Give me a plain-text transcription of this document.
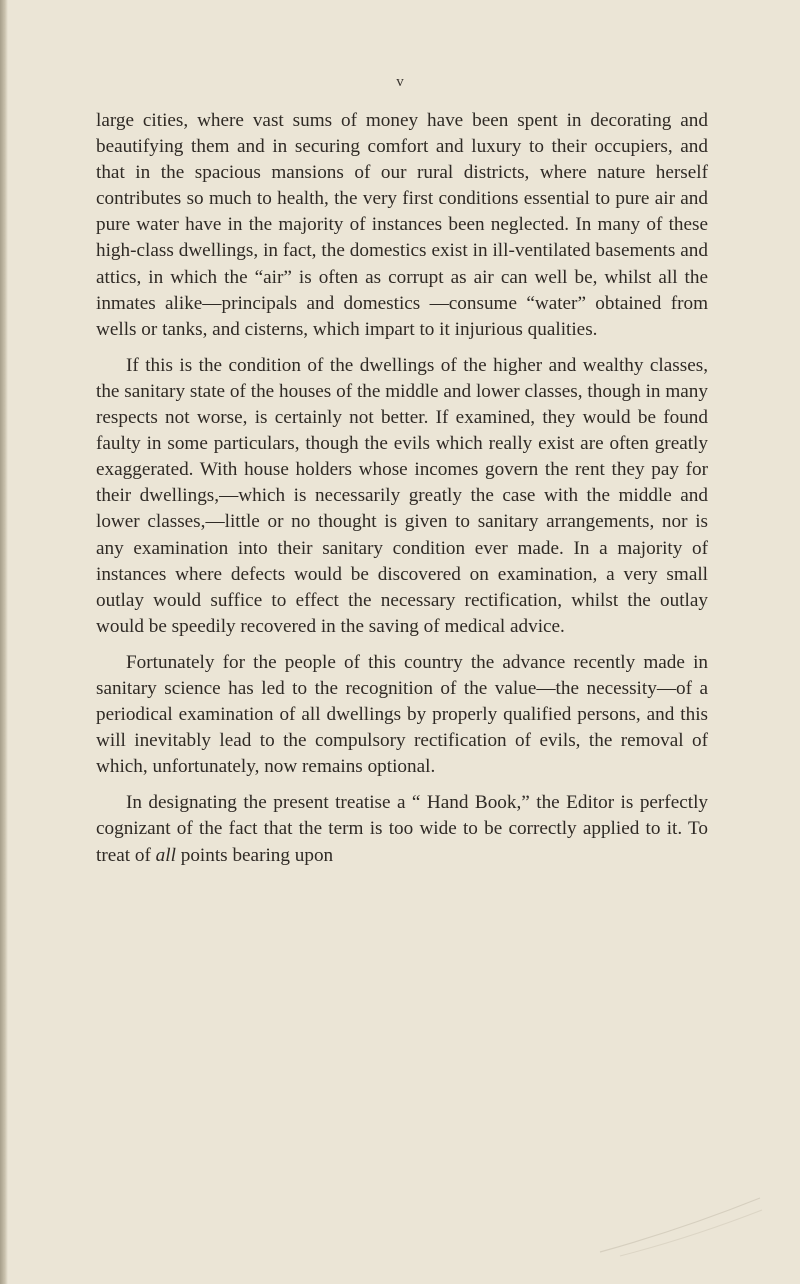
v

large cities, where vast sums of money have been spent in decorating and beautifying them and in securing comfort and luxury to their occupiers, and that in the spacious mansions of our rural districts, where nature herself contributes so much to health, the very first conditions essential to pure air and pure water have in the majority of instances been neglected. In many of these high-class dwellings, in fact, the domestics exist in ill-ventilated basements and attics, in which the “air” is often as corrupt as air can well be, whilst all the inmates alike—principals and domestics —consume “water” obtained from wells or tanks, and cisterns, which impart to it injurious qualities.

If this is the condition of the dwellings of the higher and wealthy classes, the sanitary state of the houses of the middle and lower classes, though in many respects not worse, is certainly not better. If examined, they would be found faulty in some particulars, though the evils which really exist are often greatly exaggerated. With house holders whose incomes govern the rent they pay for their dwellings,—which is necessarily greatly the case with the middle and lower classes,—little or no thought is given to sanitary arrangements, nor is any examination into their sanitary condition ever made. In a majority of instances where defects would be discovered on examination, a very small outlay would suffice to effect the necessary rectification, whilst the outlay would be speedily recovered in the saving of medical advice.

Fortunately for the people of this country the advance recently made in sanitary science has led to the recognition of the value—the necessity—of a periodical examination of all dwellings by properly qualified persons, and this will inevitably lead to the compulsory rectification of evils, the removal of which, unfortunately, now remains optional.

In designating the present treatise a “ Hand Book,” the Editor is perfectly cognizant of the fact that the term is too wide to be correctly applied to it. To treat of all points bearing upon
